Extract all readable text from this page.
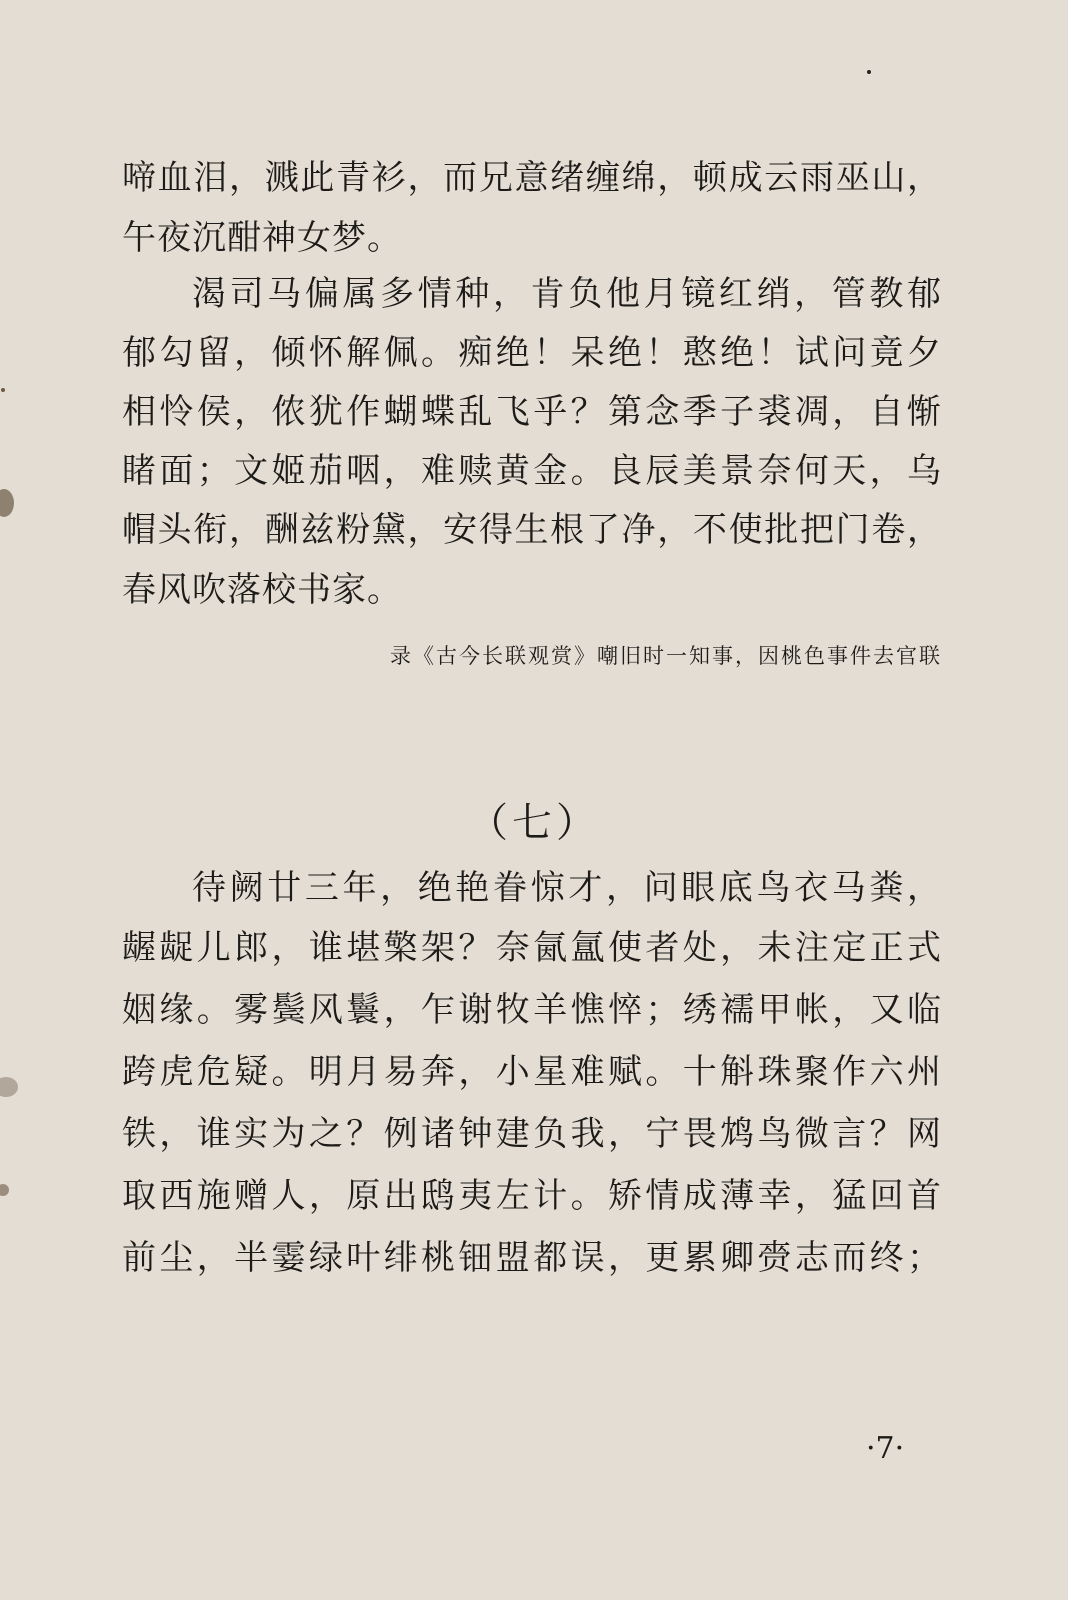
啼血泪，溅此青衫，而兄意绪缠绵，顿成云雨巫山，
午夜沉酣神女梦。
渴司马偏属多情种，肯负他月镜红绡，管教郁
郁勾留，倾怀解佩。痴绝！呆绝！憨绝！试问竟夕
相怜侯，侬犹作蝴蝶乱飞乎？第念季子裘凋，自惭
睹面；文姬茄咽，难赎黄金。良辰美景奈何天，乌
帽头衔，酬兹粉黛，安得生根了净，不使批把门卷，
春风吹落校书家。
录《古今长联观赏》嘲旧时一知事，因桃色事件去官联
（七）
待阙廿三年，绝艳眷惊才，问眼底鸟衣马粪，
龌龊儿郎，谁堪檠架？奈氤氲使者处，未注定正式
姻缘。雾鬓风鬟，乍谢牧羊憔悴；绣襦甲帐，又临
跨虎危疑。明月易奔，小星难赋。十斛珠聚作六州
铁，谁实为之？例诸钟建负我，宁畏鸩鸟微言？网
取西施赠人，原出鸱夷左计。矫情成薄幸，猛回首
前尘，半霎绿叶绯桃钿盟都误，更累卿赍志而终；
·7·
